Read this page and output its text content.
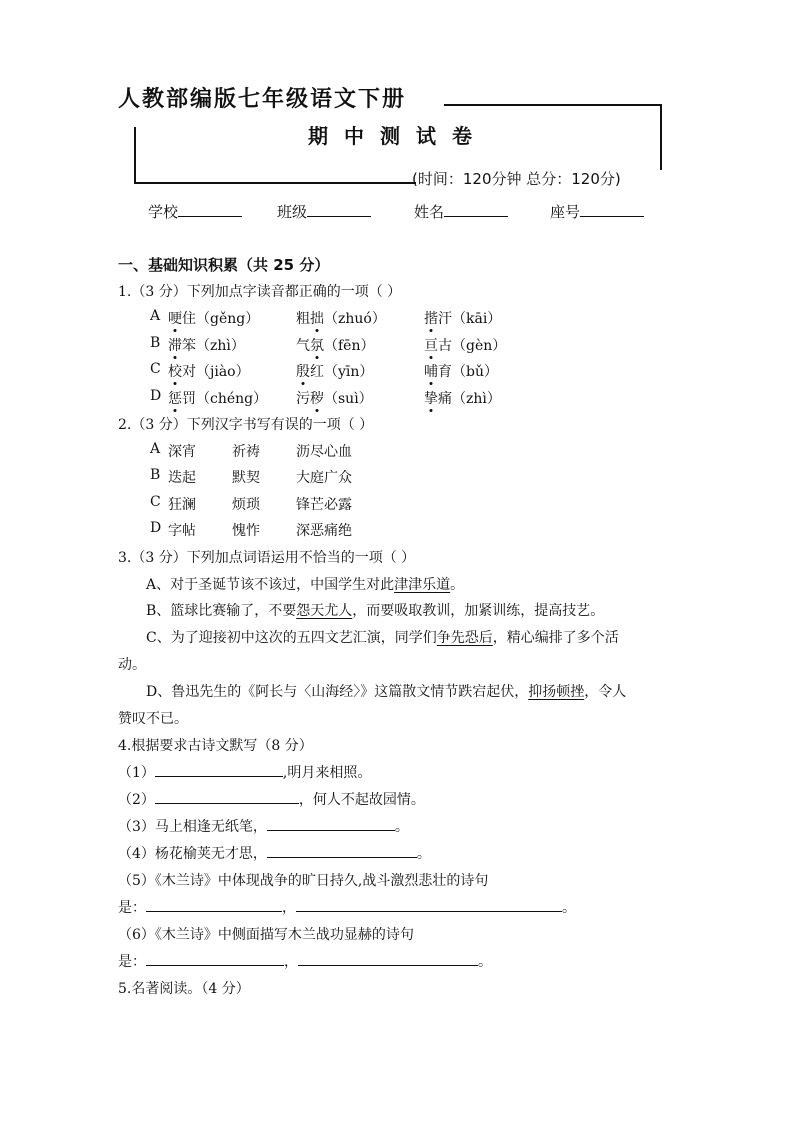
人教部编版七年级语文下册
期中测试卷
(时间：120分钟 总分：120分)
学校	班级	姓名	座号
一、基础知识积累（共 25 分）
1.（3 分）下列加点字读音都正确的一项（ ）
A 哽住（gěng）	粗拙（zhuó）	揩汗（kāi）
B 滞笨（zhì）	气氛（fēn）	亘古（gèn）
C 校对（jiào）	殷红（yīn）	哺育（bǔ）
D 惩罚（chéng） 污秽（suì）	挚痛（zhì）
2.（3 分）下列汉字书写有误的一项（ ）
A 深宵	祈祷	沥尽心血
B 迭起	默契	大庭广众
C 狂澜	烦琐	锋芒必露
D 字帖	愧怍	深恶痛绝
3.（3 分）下列加点词语运用不恰当的一项（ ）
A、对于圣诞节该不该过，中国学生对此津津乐道。
B、篮球比赛输了，不要怨天尤人，而要吸取教训，加紧训练，提高技艺。
C、为了迎接初中这次的五四文艺汇演，同学们争先恐后，精心编排了多个活
动。
D、鲁迅先生的《阿长与〈山海经〉》这篇散文情节跌宕起伏，抑扬顿挫，令人
赞叹不已。
4.根据要求古诗文默写（8 分）
（1）	,明月来相照。
（2）	，何人不起故园情。
（3）马上相逢无纸笔，	。
（4）杨花榆荚无才思，	。
（5）《木兰诗》中体现战争的旷日持久,战斗激烈悲壮的诗句
是：	，	。
（6）《木兰诗》中侧面描写木兰战功显赫的诗句
是：	，	。
5.名著阅读。（4 分）
